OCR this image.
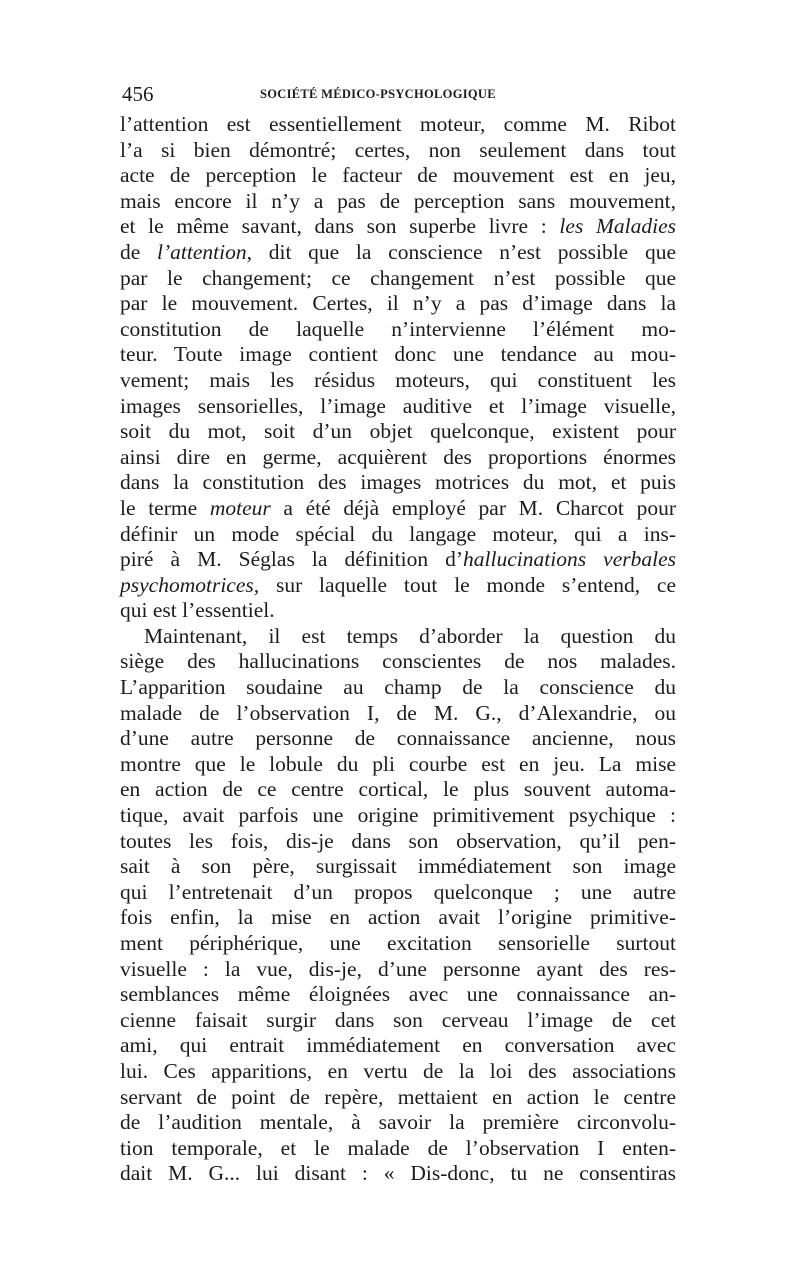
456	SOCIÉTÉ MÉDICO-PSYCHOLOGIQUE
l’attention est essentiellement moteur, comme M. Ribot
l’a si bien démontré; certes, non seulement dans tout
acte de perception le facteur de mouvement est en jeu,
mais encore il n’y a pas de perception sans mouvement,
et le même savant, dans son superbe livre : les Maladies
de l’attention, dit que la conscience n’est possible que
par le changement; ce changement n’est possible que
par le mouvement. Certes, il n’y a pas d’image dans la
constitution de laquelle n’intervienne l’élément mo-
teur. Toute image contient donc une tendance au mou-
vement; mais les résidus moteurs, qui constituent les
images sensorielles, l’image auditive et l’image visuelle,
soit du mot, soit d’un objet quelconque, existent pour
ainsi dire en germe, acquièrent des proportions énormes
dans la constitution des images motrices du mot, et puis
le terme moteur a été déjà employé par M. Charcot pour
définir un mode spécial du langage moteur, qui a ins-
piré à M. Séglas la définition d’hallucinations verbales
psychomotrices, sur laquelle tout le monde s’entend, ce
qui est l’essentiel.
Maintenant, il est temps d’aborder la question du
siège des hallucinations conscientes de nos malades.
L’apparition soudaine au champ de la conscience du
malade de l’observation I, de M. G., d’Alexandrie, ou
d’une autre personne de connaissance ancienne, nous
montre que le lobule du pli courbe est en jeu. La mise
en action de ce centre cortical, le plus souvent automa-
tique, avait parfois une origine primitivement psychique :
toutes les fois, dis-je dans son observation, qu’il pen-
sait à son père, surgissait immédiatement son image
qui l’entretenait d’un propos quelconque ; une autre
fois enfin, la mise en action avait l’origine primitive-
ment périphérique, une excitation sensorielle surtout
visuelle : la vue, dis-je, d’une personne ayant des res-
semblances même éloignées avec une connaissance an-
cienne faisait surgir dans son cerveau l’image de cet
ami, qui entrait immédiatement en conversation avec
lui. Ces apparitions, en vertu de la loi des associations
servant de point de repère, mettaient en action le centre
de l’audition mentale, à savoir la première circonvolu-
tion temporale, et le malade de l’observation I enten-
dait M. G... lui disant : « Dis-donc, tu ne consentiras
